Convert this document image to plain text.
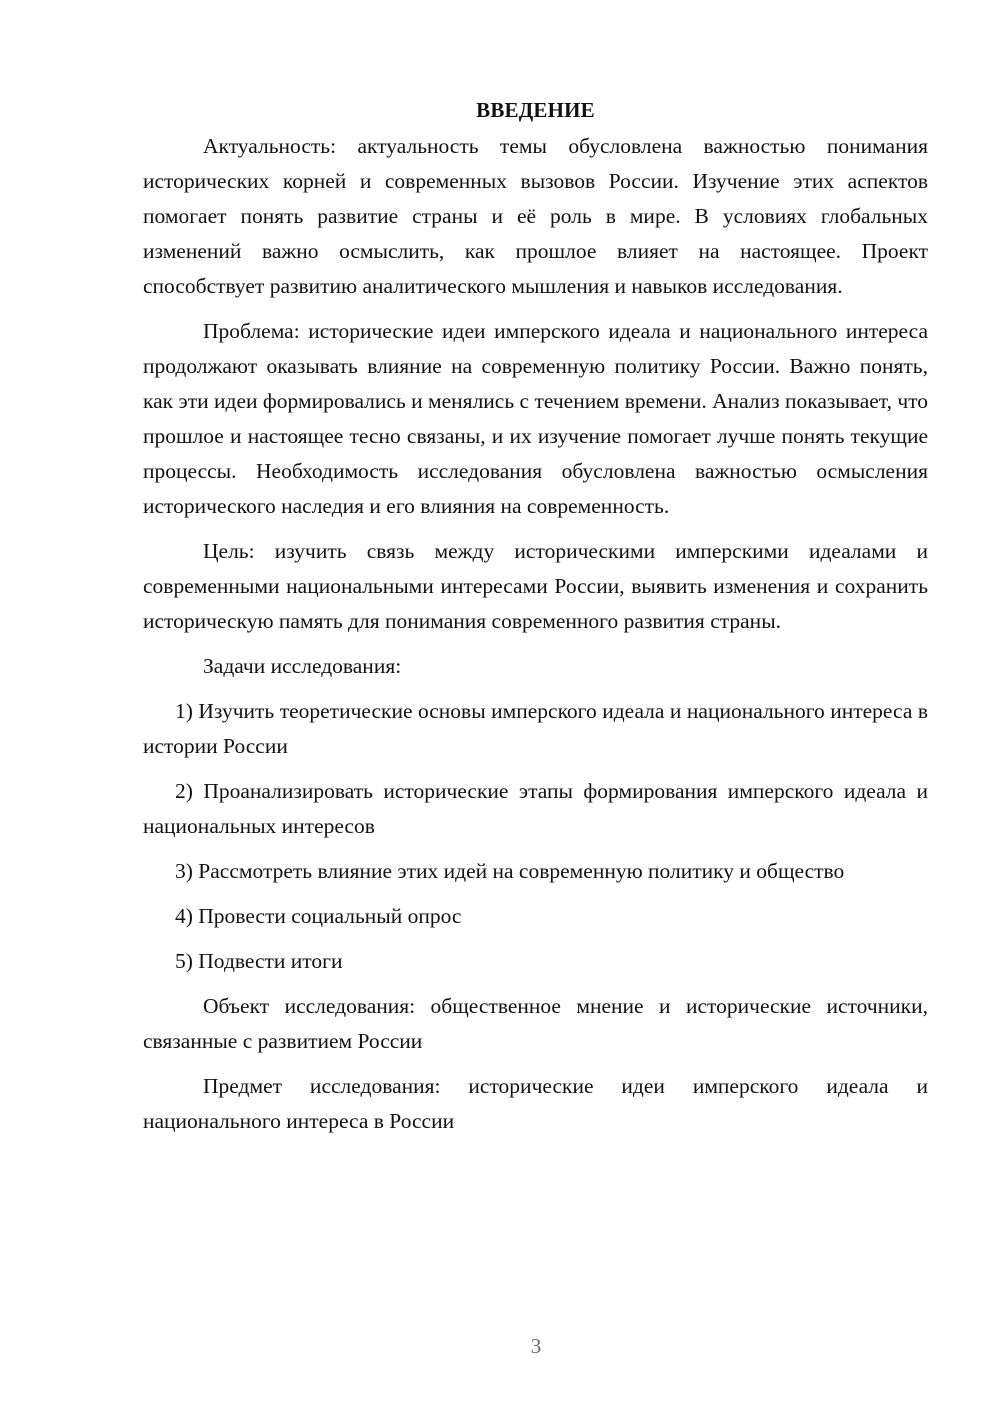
ВВЕДЕНИЕ

Актуальность: актуальность темы обусловлена важностью понимания исторических корней и современных вызовов России. Изучение этих аспектов помогает понять развитие страны и её роль в мире. В условиях глобальных изменений важно осмыслить, как прошлое влияет на настоящее. Проект способствует развитию аналитического мышления и навыков исследования.

Проблема: исторические идеи имперского идеала и национального интереса продолжают оказывать влияние на современную политику России. Важно понять, как эти идеи формировались и менялись с течением времени. Анализ показывает, что прошлое и настоящее тесно связаны, и их изучение помогает лучше понять текущие процессы. Необходимость исследования обусловлена важностью осмысления исторического наследия и его влияния на современность.

Цель: изучить связь между историческими имперскими идеалами и современными национальными интересами России, выявить изменения и сохранить историческую память для понимания современного развития страны.

Задачи исследования:

1) Изучить теоретические основы имперского идеала и национального интереса в истории России

2) Проанализировать исторические этапы формирования имперского идеала и национальных интересов

3) Рассмотреть влияние этих идей на современную политику и общество

4) Провести социальный опрос

5) Подвести итоги

Объект исследования: общественное мнение и исторические источники, связанные с развитием России

Предмет исследования: исторические идеи имперского идеала и национального интереса в России

3
